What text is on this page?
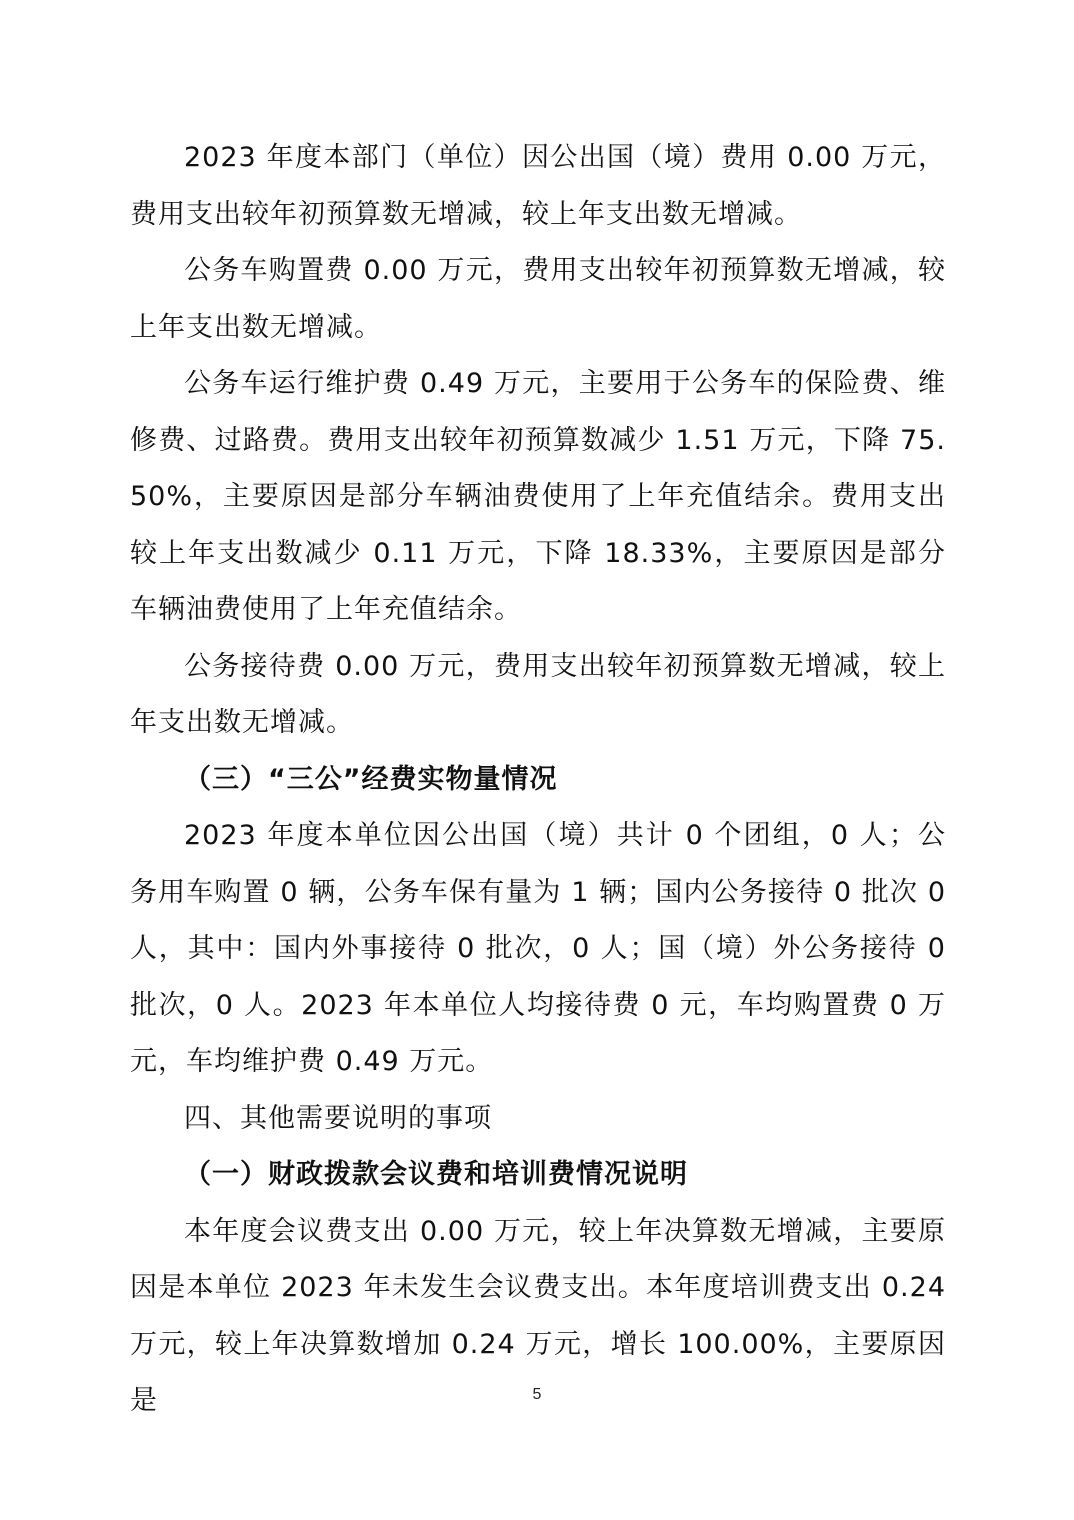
2023 年度本部门（单位）因公出国（境）费用 0.00 万元，费用支出较年初预算数无增减，较上年支出数无增减。

公务车购置费 0.00 万元，费用支出较年初预算数无增减，较上年支出数无增减。

公务车运行维护费 0.49 万元，主要用于公务车的保险费、维修费、过路费。费用支出较年初预算数减少 1.51 万元，下降 75.50%，主要原因是部分车辆油费使用了上年充值结余。费用支出较上年支出数减少 0.11 万元，下降 18.33%，主要原因是部分车辆油费使用了上年充值结余。

公务接待费 0.00 万元，费用支出较年初预算数无增减，较上年支出数无增减。

（三）“三公”经费实物量情况

2023 年度本单位因公出国（境）共计 0 个团组，0 人；公务用车购置 0 辆，公务车保有量为 1 辆；国内公务接待 0 批次 0 人，其中：国内外事接待 0 批次，0 人；国（境）外公务接待 0 批次，0 人。2023 年本单位人均接待费 0 元，车均购置费 0 万元，车均维护费 0.49 万元。

四、其他需要说明的事项

（一）财政拨款会议费和培训费情况说明

本年度会议费支出 0.00 万元，较上年决算数无增减，主要原因是本单位 2023 年未发生会议费支出。本年度培训费支出 0.24 万元，较上年决算数增加 0.24 万元，增长 100.00%，主要原因是	5
